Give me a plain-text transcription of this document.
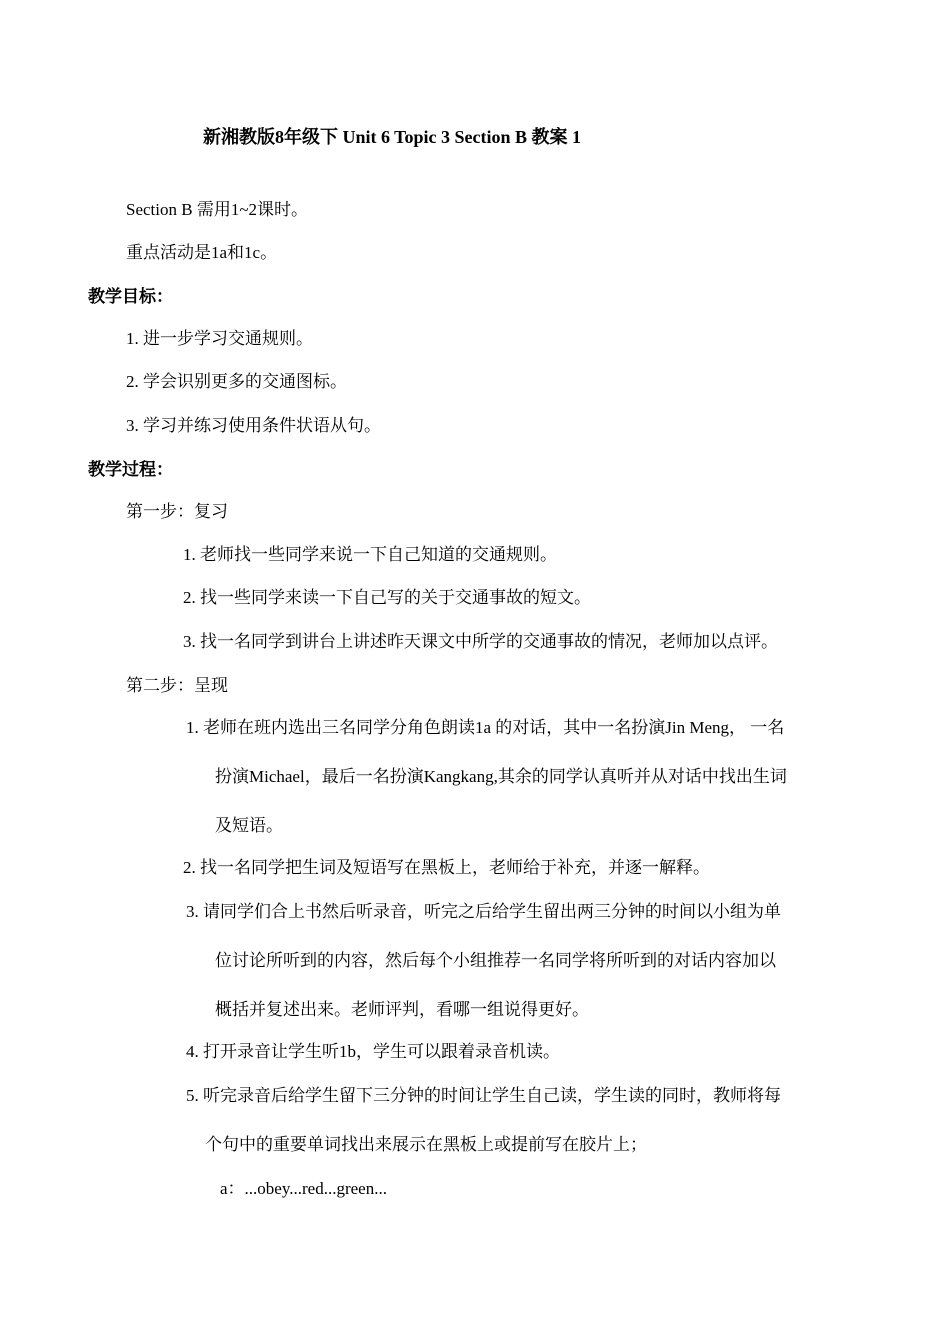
新湘教版8年级下 Unit 6 Topic 3 Section B 教案 1
Section B 需用1~2课时。
重点活动是1a和1c。
教学目标：
1. 进一步学习交通规则。
2. 学会识别更多的交通图标。
3. 学习并练习使用条件状语从句。
教学过程：
第一步：复习
1. 老师找一些同学来说一下自己知道的交通规则。
2. 找一些同学来读一下自己写的关于交通事故的短文。
3. 找一名同学到讲台上讲述昨天课文中所学的交通事故的情况，老师加以点评。
第二步：呈现
1. 老师在班内选出三名同学分角色朗读1a 的对话，其中一名扮演Jin Meng， 一名
扮演Michael，最后一名扮演Kangkang,其余的同学认真听并从对话中找出生词
及短语。
2. 找一名同学把生词及短语写在黑板上，老师给于补充，并逐一解释。
3. 请同学们合上书然后听录音，听完之后给学生留出两三分钟的时间以小组为单
位讨论所听到的内容，然后每个小组推荐一名同学将所听到的对话内容加以
概括并复述出来。老师评判，看哪一组说得更好。
4. 打开录音让学生听1b，学生可以跟着录音机读。
5. 听完录音后给学生留下三分钟的时间让学生自己读，学生读的同时，教师将每
个句中的重要单词找出来展示在黑板上或提前写在胶片上；
a：...obey...red...green...
